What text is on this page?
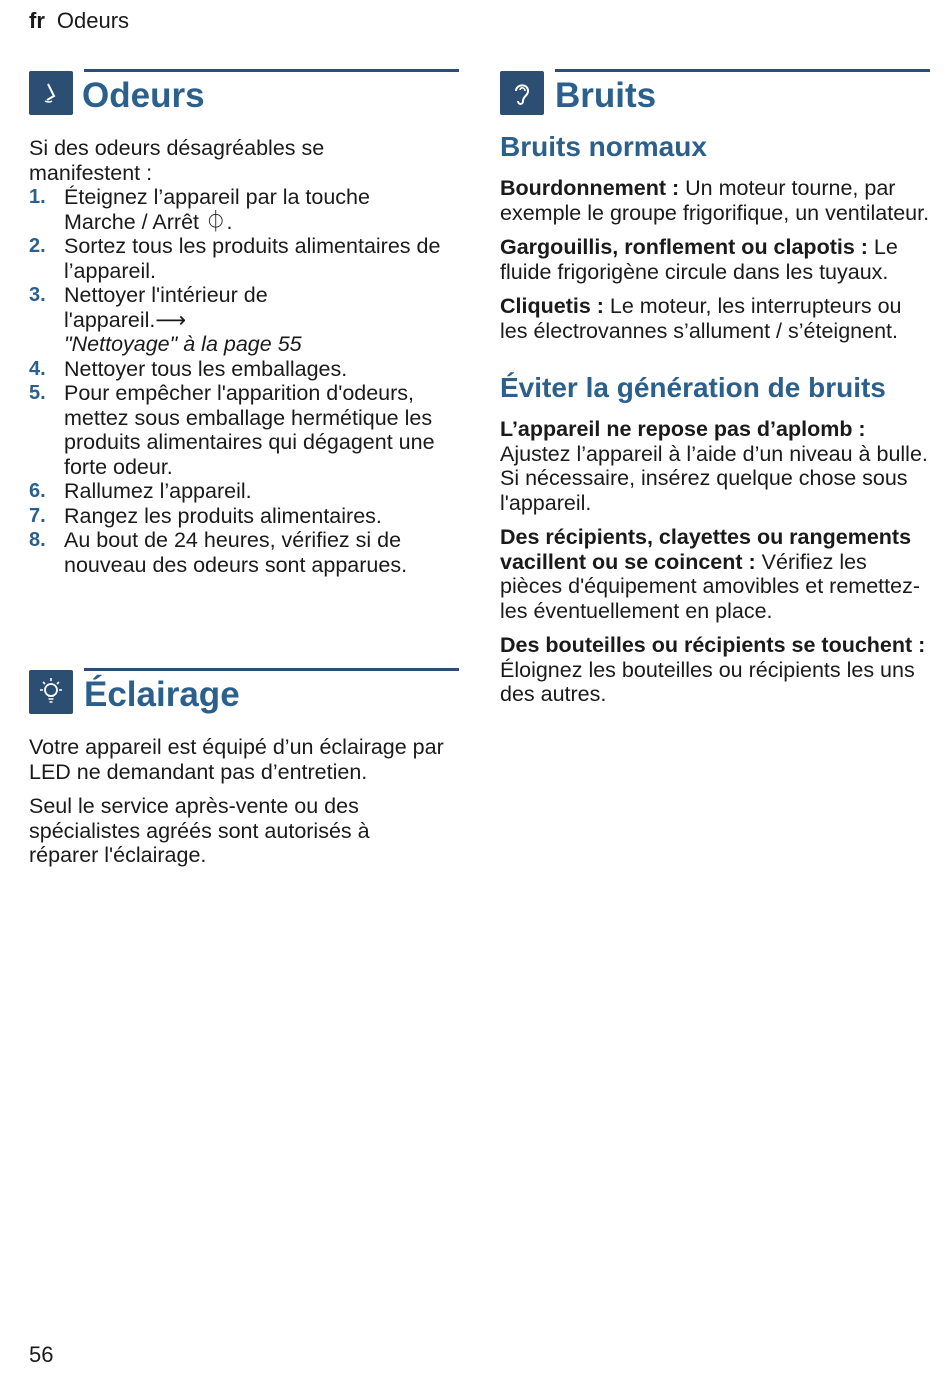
fr Odeurs
Odeurs

Si des odeurs désagréables se manifestent :

1. Éteignez l’appareil par la touche Marche / Arrêt ⏀.
2. Sortez tous les produits alimentaires de l’appareil.
3. Nettoyer l'intérieur de l'appareil.⟶"Nettoyage" à la page 55
4. Nettoyer tous les emballages.
5. Pour empêcher l'apparition d'odeurs, mettez sous emballage hermétique les produits alimentaires qui dégagent une forte odeur.
6. Rallumez l’appareil.
7. Rangez les produits alimentaires.
8. Au bout de 24 heures, vérifiez si de nouveau des odeurs sont apparues.
Éclairage

Votre appareil est équipé d’un éclairage par LED ne demandant pas d’entretien.

Seul le service après-vente ou des spécialistes agréés sont autorisés à réparer l'éclairage.

Bruits
Bruits normaux

Bourdonnement : Un moteur tourne, par exemple le groupe frigorifique, un ventilateur.

Gargouillis, ronflement ou clapotis : Le fluide frigorigène circule dans les tuyaux.

Cliquetis : Le moteur, les interrupteurs ou les électrovannes s’allument / s’éteignent.

Éviter la génération de bruits

L’appareil ne repose pas d’aplomb : Ajustez l’appareil à l’aide d’un niveau à bulle. Si nécessaire, insérez quelque chose sous l'appareil.

Des récipients, clayettes ou rangements vacillent ou se coincent : Vérifiez les pièces d'équipement amovibles et remettez-les éventuellement en place.

Des bouteilles ou récipients se touchent : Éloignez les bouteilles ou récipients les uns des autres.

56
